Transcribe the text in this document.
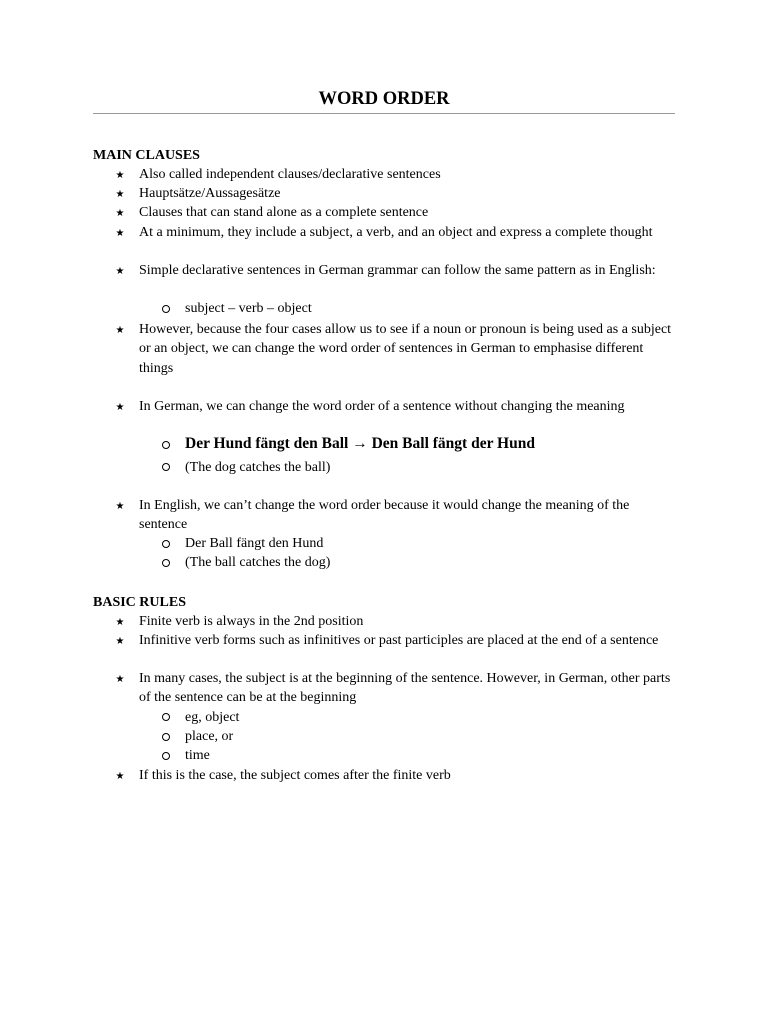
WORD ORDER
MAIN CLAUSES
★ Also called independent clauses/declarative sentences
★ Hauptsätze/Aussagesätze
★ Clauses that can stand alone as a complete sentence
★ At a minimum, they include a subject, a verb, and an object and express a complete thought
★ Simple declarative sentences in German grammar can follow the same pattern as in English:
subject – verb – object
★ However, because the four cases allow us to see if a noun or pronoun is being used as a subject or an object, we can change the word order of sentences in German to emphasise different things
★ In German, we can change the word order of a sentence without changing the meaning
Der Hund fängt den Ball → Den Ball fängt der Hund
(The dog catches the ball)
★ In English, we can’t change the word order because it would change the meaning of the sentence
Der Ball fängt den Hund
(The ball catches the dog)
BASIC RULES
★ Finite verb is always in the 2nd position
★ Infinitive verb forms such as infinitives or past participles are placed at the end of a sentence
★ In many cases, the subject is at the beginning of the sentence. However, in German, other parts of the sentence can be at the beginning
eg, object
place, or
time
★ If this is the case, the subject comes after the finite verb
